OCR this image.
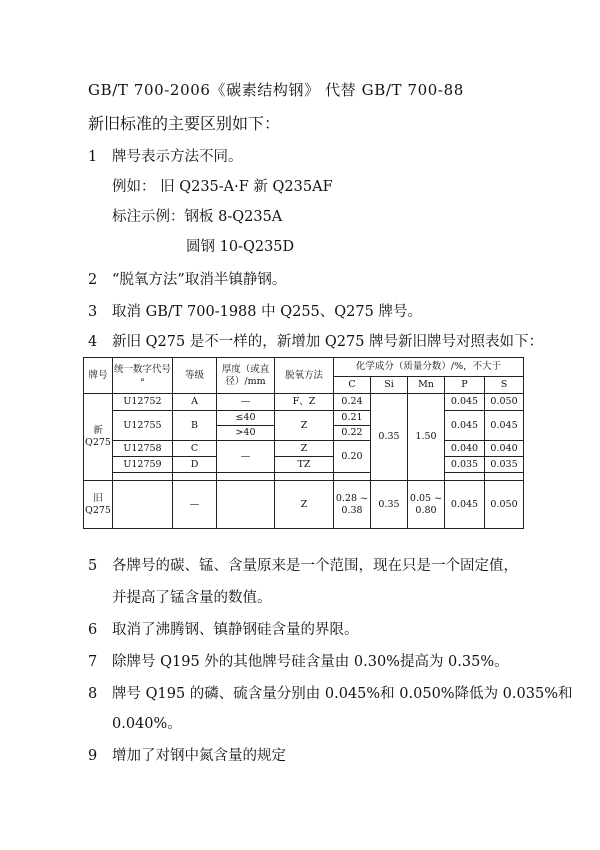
GB/T 700-2006《碳素结构钢》 代替 GB/T 700-88
新旧标准的主要区别如下：
1 牌号表示方法不同。
例如： 旧 Q235-A·F 新 Q235AF
标注示例：钢板 8-Q235A
圆钢 10-Q235D
2 “脱氧方法”取消半镇静钢。
3 取消 GB/T 700-1988 中 Q255、Q275 牌号。
4 新旧 Q275 是不一样的，新增加 Q275 牌号新旧牌号对照表如下：
牌号	统一数字代号ᵃ	等级	厚度（或直径）/mm	脱氧方法	化学成分（质量分数）/%，不大于				
					C	Si	Mn	P	S
新Q275	U12752	A	—	F、Z	0.24	0.35	1.50	0.045	0.050
	U12755	B	≤40	Z	0.21			0.045	0.045
			>40		0.22				
	U12758	C	—	Z	0.20			0.040	0.040
	U12759	D		TZ				0.035	0.035

旧Q275		—		Z	0.28 ~ 0.38	0.35	0.05 ~ 0.80	0.045	0.050
5 各牌号的碳、锰、含量原来是一个范围，现在只是一个固定值，
并提高了锰含量的数值。
6 取消了沸腾钢、镇静钢硅含量的界限。
7 除牌号 Q195 外的其他牌号硅含量由 0.30%提高为 0.35%。
8 牌号 Q195 的磷、硫含量分别由 0.045%和 0.050%降低为 0.035%和
0.040%。
9 增加了对钢中氮含量的规定
